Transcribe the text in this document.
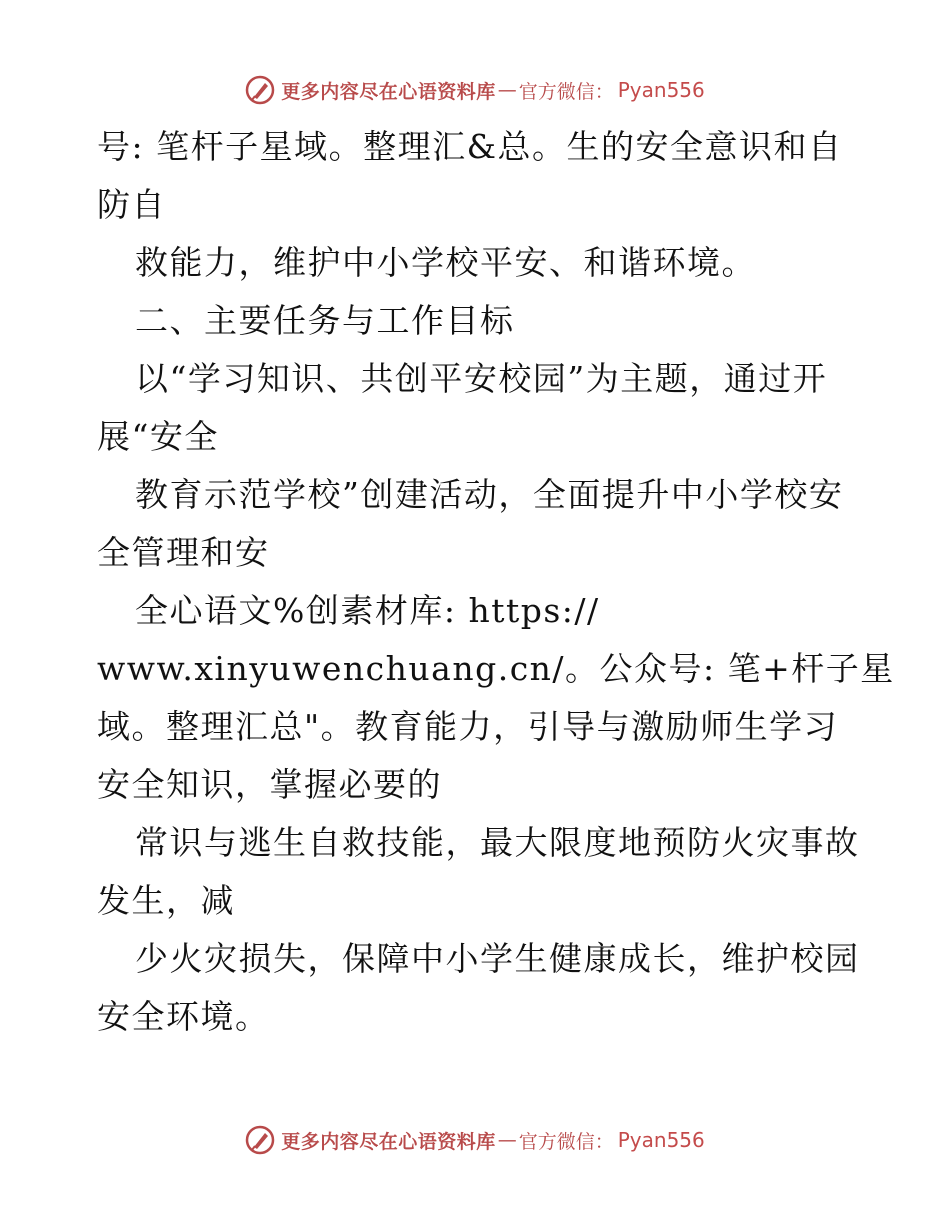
更多内容尽在心语资料库 — 官方微信： Pyan556
号: 笔杆子星域。整理汇&总。生的安全意识和自
防自
救能力，维护中小学校平安、和谐环境。
二、主要任务与工作目标
以“学习知识、共创平安校园”为主题，通过开
展“安全
教育示范学校”创建活动，全面提升中小学校安
全管理和安
全心语文%创素材库: https://
www.xinyuwenchuang.cn/。公众号: 笔+杆子星
域。整理汇总"。教育能力，引导与激励师生学习
安全知识，掌握必要的
常识与逃生自救技能，最大限度地预防火灾事故
发生，减
少火灾损失，保障中小学生健康成长，维护校园
安全环境。
更多内容尽在心语资料库 — 官方微信： Pyan556
